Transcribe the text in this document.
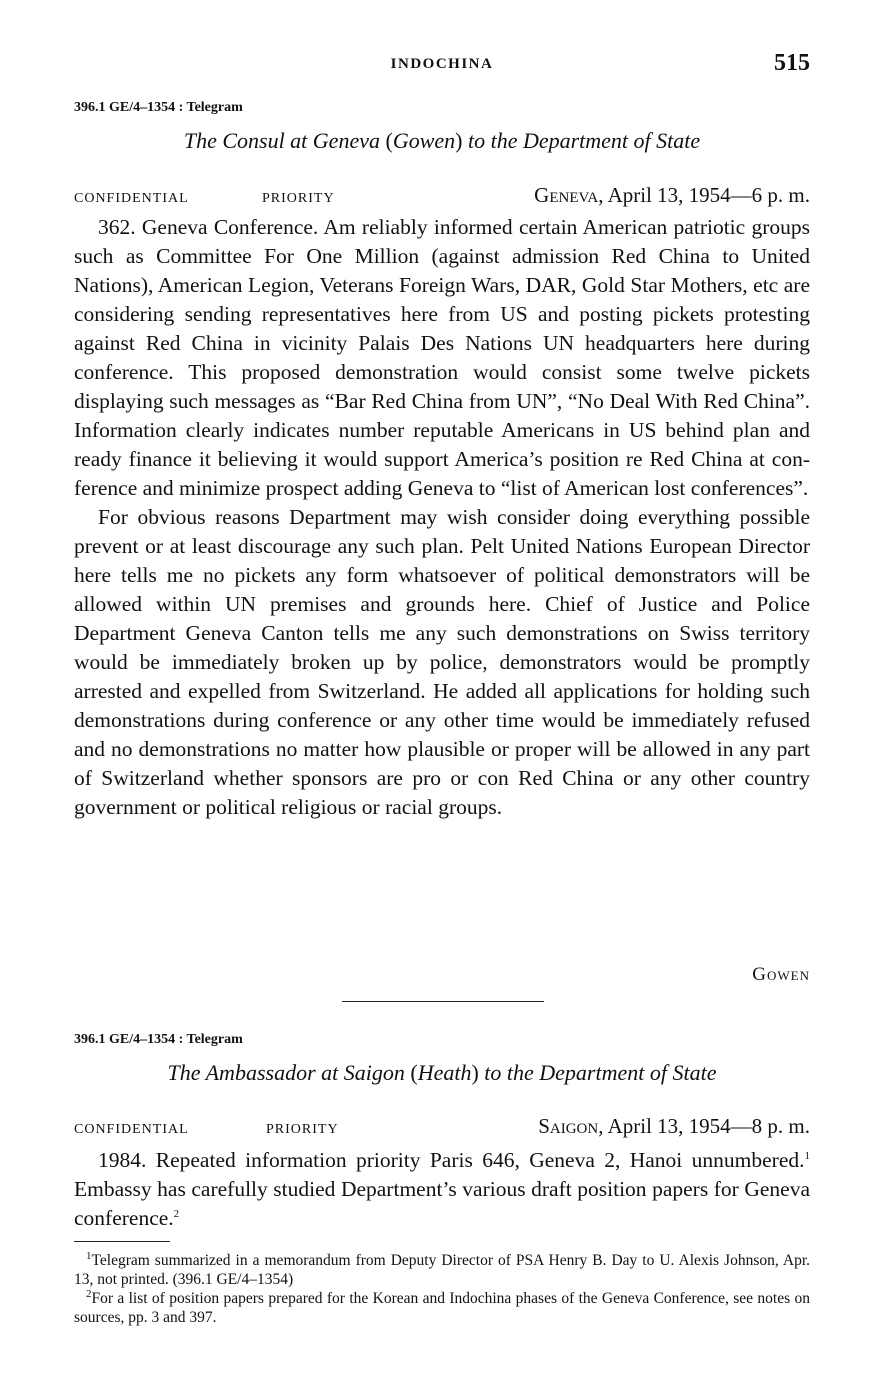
INDOCHINA	515
396.1 GE/4–1354 : Telegram
The Consul at Geneva (Gowen) to the Department of State
CONFIDENTIAL	PRIORITY	Geneva, April 13, 1954—6 p. m.

362. Geneva Conference. Am reliably informed certain American patriotic groups such as Committee For One Million (against admission Red China to United Nations), American Legion, Veterans Foreign Wars, DAR, Gold Star Mothers, etc are considering sending representatives here from US and posting pickets protesting against Red China in vicinity Palais Des Nations UN headquarters here during conference. This proposed demonstration would consist some twelve pickets displaying such messages as “Bar Red China from UN”, “No Deal With Red China”. Information clearly indicates number reputable Americans in US behind plan and ready finance it believing it would support America’s position re Red China at conference and minimize prospect adding Geneva to “list of American lost conferences”.

For obvious reasons Department may wish consider doing everything possible prevent or at least discourage any such plan. Pelt United Nations European Director here tells me no pickets any form whatsoever of political demonstrators will be allowed within UN premises and grounds here. Chief of Justice and Police Department Geneva Canton tells me any such demonstrations on Swiss territory would be immediately broken up by police, demonstrators would be promptly arrested and expelled from Switzerland. He added all applications for holding such demonstrations during conference or any other time would be immediately refused and no demonstrations no matter how plausible or proper will be allowed in any part of Switzerland whether sponsors are pro or con Red China or any other country government or political religious or racial groups.

Gowen
396.1 GE/4–1354 : Telegram
The Ambassador at Saigon (Heath) to the Department of State
CONFIDENTIAL	PRIORITY	Saigon, April 13, 1954—8 p. m.

1984. Repeated information priority Paris 646, Geneva 2, Hanoi unnumbered.$^1$ Embassy has carefully studied Department’s various draft position papers for Geneva conference.$^2$

$^1$Telegram summarized in a memorandum from Deputy Director of PSA Henry B. Day to U. Alexis Johnson, Apr. 13, not printed. (396.1 GE/4–1354)

$^2$For a list of position papers prepared for the Korean and Indochina phases of the Geneva Conference, see notes on sources, pp. 3 and 397.
